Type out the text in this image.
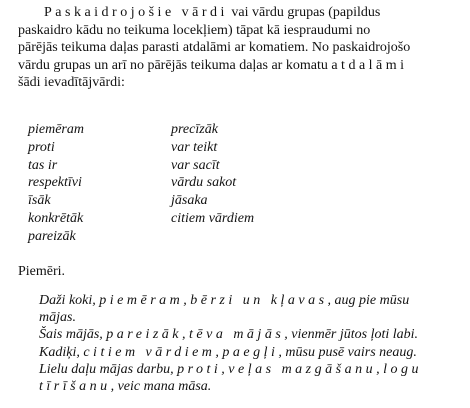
Paskaidrojošie vārdi vai vārdu grupas (papildus

paskaidro kādu no teikuma locekļiem) tāpat kā iespraudumi no

pārējās teikuma daļas parasti atdalāmi ar komatiem. No paskaidrojošo

vārdu grupas un arī no pārējās teikuma daļas ar komatu atdalāmi

šādi ievadītājvārdi:

piemēram
proti
tas ir
respektīvi
īsāk
konkrētāk
pareizāk
precīzāk
var teikt
var sacīt
vārdu sakot
jāsaka
citiem vārdiem
Piemēri.

Daži koki, piemēram, bērzi un kļavas, aug pie mūsu

mājas.

Šais mājās, pareizāk, tēva mājās, vienmēr jūtos ļoti labi.

Kadiķi, citiem vārdiem, paegļi, mūsu pusē vairs neaug.

Lielu daļu mājas darbu, proti, veļas mazgāšanu, logu

tīrīšanu, veic mana māsa.
